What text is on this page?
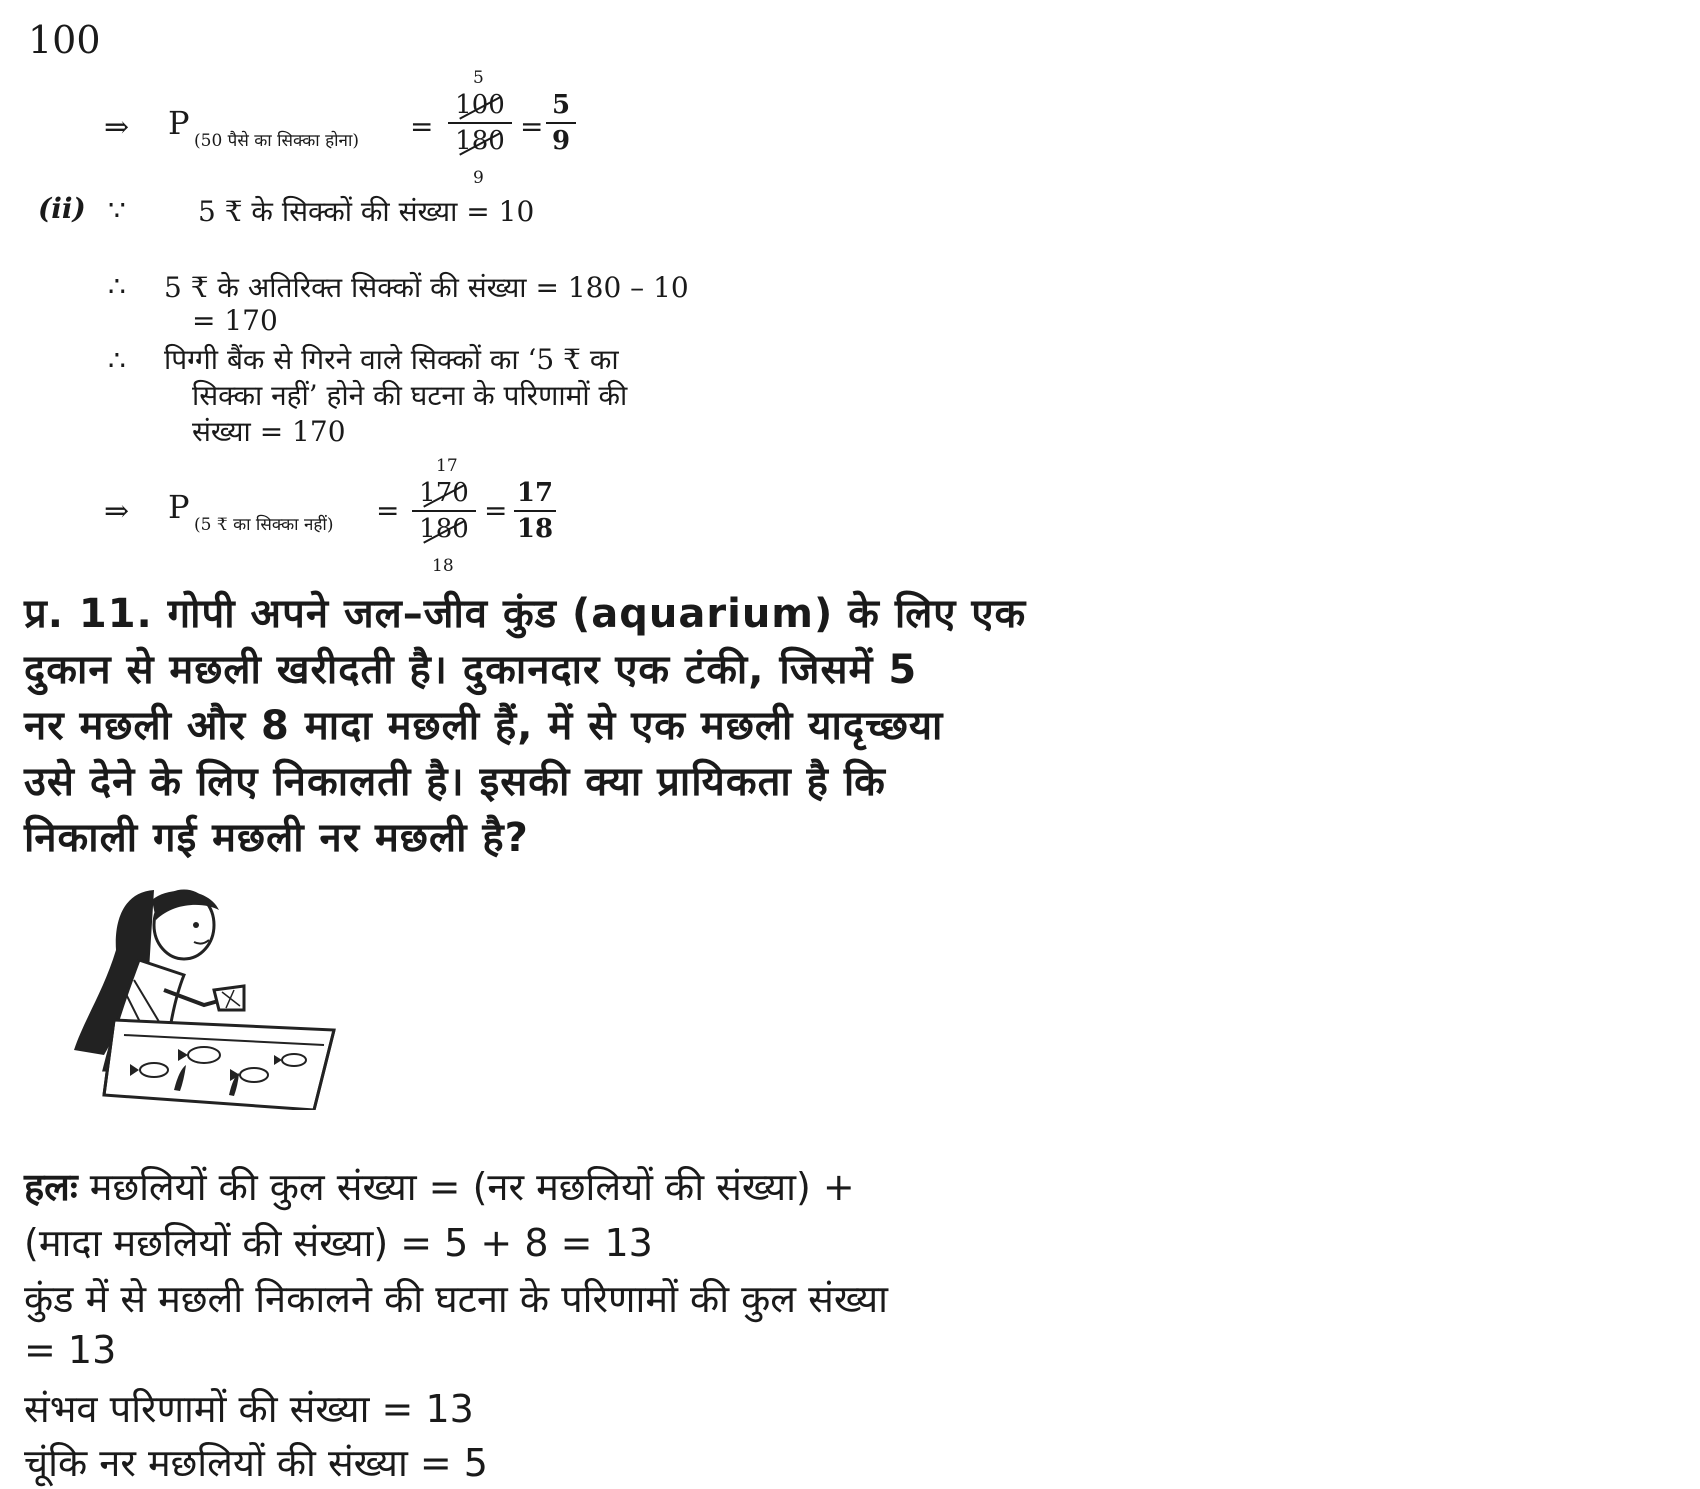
100
⇒ P (50 पैसे का सिक्का होना) =
5
100
180
9
=
5
9
(ii) ∵	5 ₹ के सिक्कों की संख्या = 10
∴ 5 ₹ के अतिरिक्त सिक्कों की संख्या = 180 – 10
= 170
∴ पिग्गी बैंक से गिरने वाले सिक्कों का ‘5 ₹ का
सिक्का नहीं’ होने की घटना के परिणामों की
संख्या = 170
⇒ P (5 ₹ का सिक्का नहीं) =
17
170
180
18
=
17
18
प्र. 11. गोपी अपने जल–जीव कुंड (aquarium) के लिए एक
दुकान से मछली खरीदती है। दुकानदार एक टंकी, जिसमें 5
नर मछली और 8 मादा मछली हैं, में से एक मछली यादृच्छया
उसे देने के लिए निकालती है। इसकी क्या प्रायिकता है कि
निकाली गई मछली नर मछली है?
हलः मछलियों की कुल संख्या = (नर मछलियों की संख्या) +
(मादा मछलियों की संख्या) = 5 + 8 = 13
कुंड में से मछली निकालने की घटना के परिणामों की कुल संख्या
= 13
संभव परिणामों की संख्या = 13
चूंकि नर मछलियों की संख्या = 5
